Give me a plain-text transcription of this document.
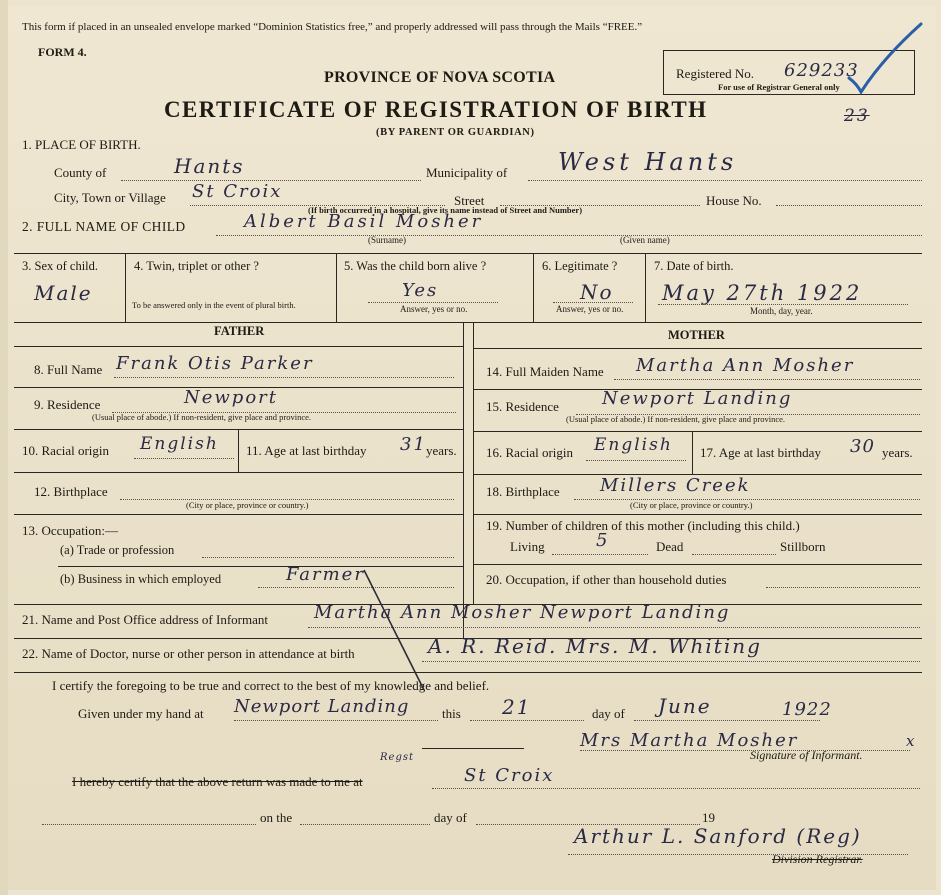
This form if placed in an unsealed envelope marked “Dominion Statistics free,” and properly addressed will pass through the Mails “FREE.”
FORM 4.
PROVINCE OF NOVA SCOTIA
CERTIFICATE OF REGISTRATION OF BIRTH
(BY PARENT OR GUARDIAN)
Registered No. 629233
For use of Registrar General only
23
1. PLACE OF BIRTH.
County of	Hants	Municipality of West Hants
City, Town or Village St Croix	Street	House No.
(If birth occurred in a hospital, give its name instead of Street and Number)
2. FULL NAME OF CHILD	Albert Basil Mosher
(Surname)	(Given name)
3. Sex of child.
Male
4. Twin, triplet or other ?
To be answered only in the event of plural birth.
5. Was the child born alive ?
Yes
Answer, yes or no.
6. Legitimate ?
No
Answer, yes or no.
7. Date of birth.
May 27th 1922
Month, day, year.
FATHER	MOTHER
8. Full Name Frank Otis Parker
9. Residence	Newport
(Usual place of abode.) If non-resident, give place and province.
10. Racial origin English 11. Age at last birthday 31 years.
12. Birthplace
(City or place, province or country.)
13. Occupation:—
(a) Trade or profession
(b) Business in which employed	Farmer
14. Full Maiden Name Martha Ann Mosher
15. Residence Newport Landing
(Usual place of abode.) If non-resident, give place and province.
16. Racial origin English 17. Age at last birthday 30 years.
18. Birthplace Millers Creek
(City or place, province or country.)
19. Number of children of this mother (including this child.)
Living	5	Dead	Stillborn
20. Occupation, if other than household duties
21. Name and Post Office address of Informant	Martha Ann Mosher Newport Landing
22. Name of Doctor, nurse or other person in attendance at birth	A. R. Reid. Mrs. M. Whiting
I certify the foregoing to be true and correct to the best of my knowledge and belief.
Given under my hand at Newport Landing	this 21	day of June	1922
Mrs Martha Mosher	x
Signature of Informant.
Regst
I hereby certify that the above return was made to me at	St Croix
on the	day of	19
Arthur L. Sanford (Reg)
Division Registrar.
